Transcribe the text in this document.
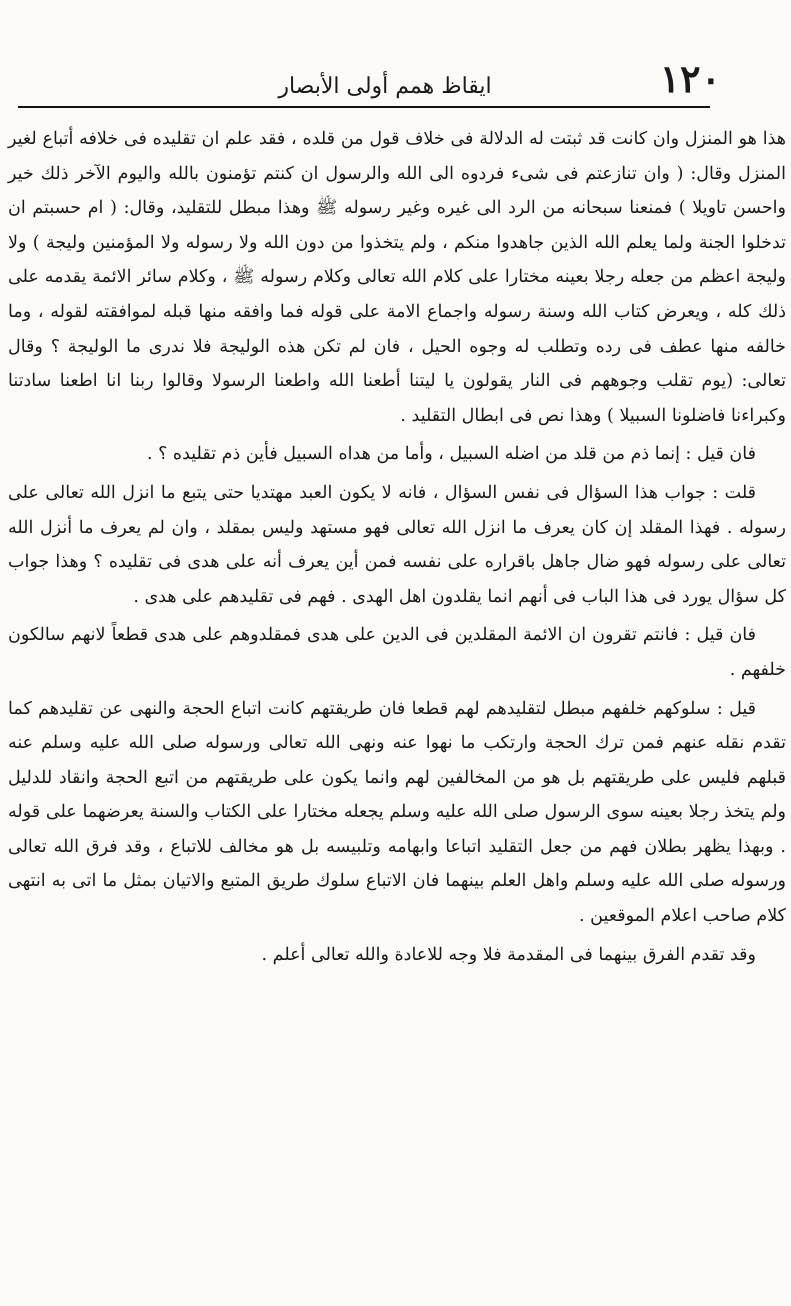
١٢٠
ايقاظ همم أولى الأبصار

هذا هو المنزل وان كانت قد ثبتت له الدلالة فى خلاف قول من قلده ، فقد علم ان تقليده فى خلافه أتباع لغير المنزل وقال: ( وان تنازعتم فى شىء فردوه الى الله والرسول ان كنتم تؤمنون بالله واليوم الآخر ذلك خير واحسن تاويلا ) فمنعنا سبحانه من الرد الى غيره وغير رسوله ﷺ وهذا مبطل للتقليد، وقال: ( ام حسبتم ان تدخلوا الجنة ولما يعلم الله الذين جاهدوا منكم ، ولم يتخذوا من دون الله ولا رسوله ولا المؤمنين وليجة ) ولا وليجة اعظم من جعله رجلا بعينه مختارا على كلام الله تعالى وكلام رسوله ﷺ ، وكلام سائر الائمة يقدمه على ذلك كله ، ويعرض كتاب الله وسنة رسوله واجماع الامة على قوله فما وافقه منها قبله لموافقته لقوله ، وما خالفه منها عطف فى رده وتطلب له وجوه الحيل ، فان لم تكن هذه الوليجة فلا ندرى ما الوليجة ؟ وقال تعالى: (يوم تقلب وجوههم فى النار يقولون يا ليتنا أطعنا الله واطعنا الرسولا وقالوا ربنا انا اطعنا سادتنا وكبراءنا فاضلونا السبيلا ) وهذا نص فى ابطال التقليد .

فان قيل : إنما ذم من قلد من اضله السبيل ، وأما من هداه السبيل فأين ذم تقليده ؟ .

قلت : جواب هذا السؤال فى نفس السؤال ، فانه لا يكون العبد مهتديا حتى يتبع ما انزل الله تعالى على رسوله . فهذا المقلد إن كان يعرف ما انزل الله تعالى فهو مستهد وليس بمقلد ، وان لم يعرف ما أنزل الله تعالى على رسوله فهو ضال جاهل باقراره على نفسه فمن أين يعرف أنه على هدى فى تقليده ؟ وهذا جواب كل سؤال يورد فى هذا الباب فى أنهم انما يقلدون اهل الهدى . فهم فى تقليدهم على هدى .

فان قيل : فانتم تقرون ان الائمة المقلدين فى الدين على هدى فمقلدوهم على هدى قطعاً لانهم سالكون خلفهم .

قيل : سلوكهم خلفهم مبطل لتقليدهم لهم قطعا فان طريقتهم كانت اتباع الحجة والنهى عن تقليدهم كما تقدم نقله عنهم فمن ترك الحجة وارتكب ما نهوا عنه ونهى الله تعالى ورسوله صلى الله عليه وسلم عنه قبلهم فليس على طريقتهم بل هو من المخالفين لهم وانما يكون على طريقتهم من اتبع الحجة وانقاد للدليل ولم يتخذ رجلا بعينه سوى الرسول صلى الله عليه وسلم يجعله مختارا على الكتاب والسنة يعرضهما على قوله . وبهذا يظهر بطلان فهم من جعل التقليد اتباعا وابهامه وتلبيسه بل هو مخالف للاتباع ، وقد فرق الله تعالى ورسوله صلى الله عليه وسلم واهل العلم بينهما فان الاتباع سلوك طريق المتبع والاتيان بمثل ما اتى به انتهى كلام صاحب اعلام الموقعين .

وقد تقدم الفرق بينهما فى المقدمة فلا وجه للاعادة والله تعالى أعلم .
